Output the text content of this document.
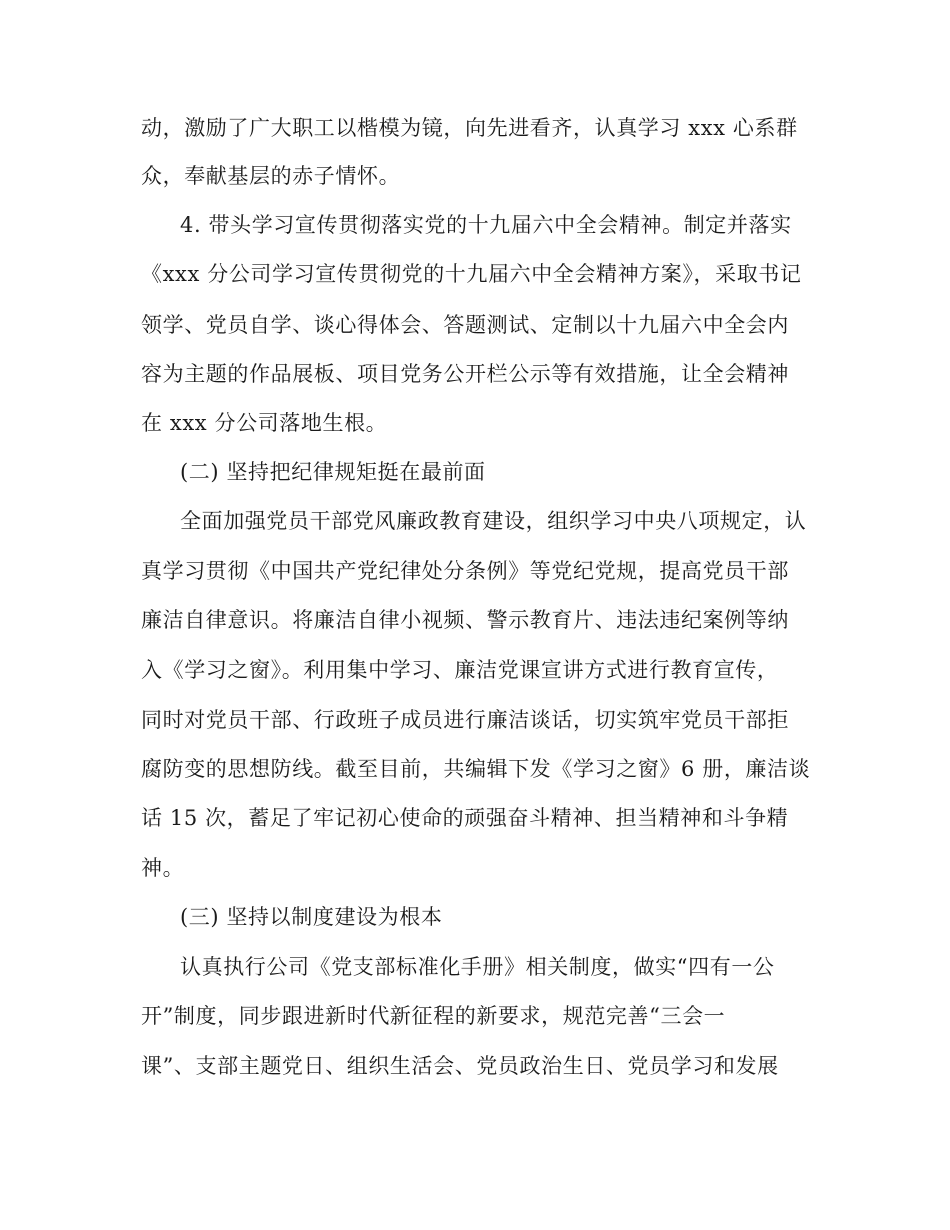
动，激励了广大职工以楷模为镜，向先进看齐，认真学习 xxx 心系群
众，奉献基层的赤子情怀。
4. 带头学习宣传贯彻落实党的十九届六中全会精神。制定并落实
《xxx 分公司学习宣传贯彻党的十九届六中全会精神方案》，采取书记
领学、党员自学、谈心得体会、答题测试、定制以十九届六中全会内
容为主题的作品展板、项目党务公开栏公示等有效措施，让全会精神
在 xxx 分公司落地生根。
(二) 坚持把纪律规矩挺在最前面
全面加强党员干部党风廉政教育建设，组织学习中央八项规定，认
真学习贯彻《中国共产党纪律处分条例》等党纪党规，提高党员干部
廉洁自律意识。将廉洁自律小视频、警示教育片、违法违纪案例等纳
入《学习之窗》。利用集中学习、廉洁党课宣讲方式进行教育宣传，
同时对党员干部、行政班子成员进行廉洁谈话，切实筑牢党员干部拒
腐防变的思想防线。截至目前，共编辑下发《学习之窗》6 册，廉洁谈
话 15 次，蓄足了牢记初心使命的顽强奋斗精神、担当精神和斗争精
神。
(三) 坚持以制度建设为根本
认真执行公司《党支部标准化手册》相关制度，做实“四有一公
开”制度，同步跟进新时代新征程的新要求，规范完善“三会一
课”、支部主题党日、组织生活会、党员政治生日、党员学习和发展
